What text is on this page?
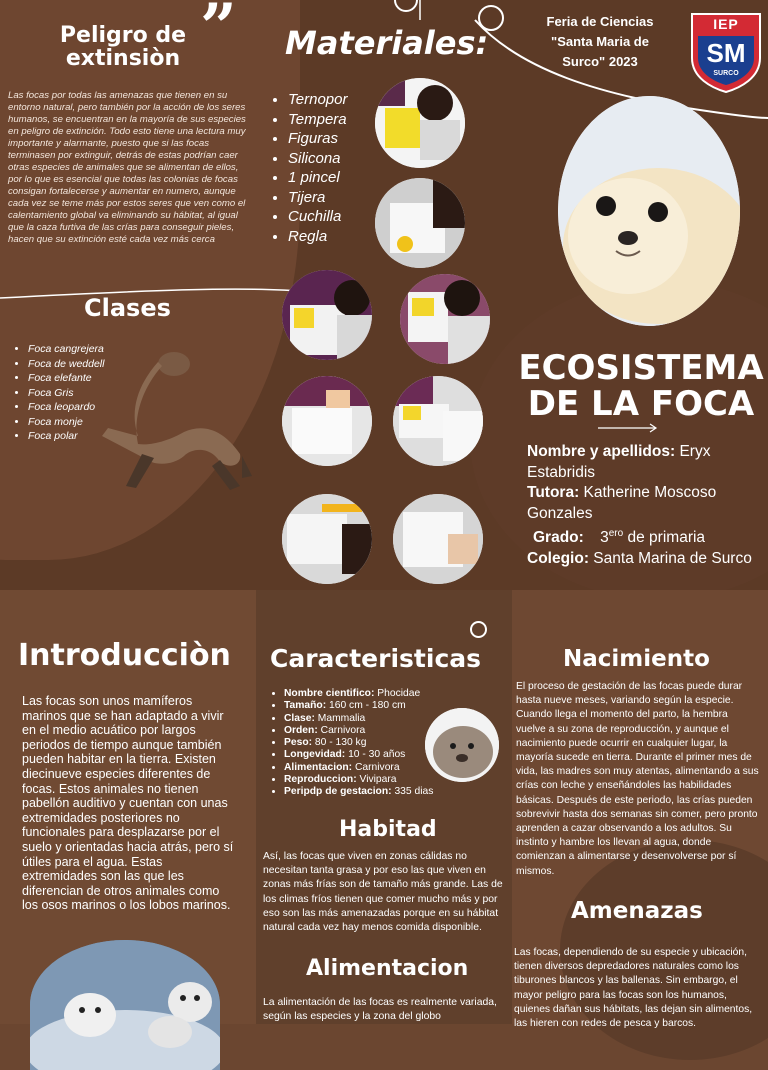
Peligro de extinsiòn ”

Las focas por todas las amenazas que tienen en su entorno natural, pero también por la acción de los seres humanos, se encuentran en la mayoría de sus especies en peligro de extinción. Todo esto tiene una lectura muy importante y alarmante, puesto que si las focas terminasen por extinguir, detrás de estas podrían caer otras especies de animales que se alimentan de ellos, por lo que es esencial que todas las colonias de focas consigan fortalecerse y aumentar en numero, aunque cada vez se teme más por estos seres que ven como el calentamiento global va eliminando su hábitat, al igual que la caza furtiva de las crías para conseguir pieles, hacen que su extinción esté cada vez más cerca

Materiales:
• Ternopor
• Tempera
• Figuras
• Silicona
• 1 pincel
• Tijera
• Cuchilla
• Regla
Feria de Ciencias
"Santa Maria de
Surco" 2023
IEP
SM
SURCO
Clases
• Foca cangrejera
• Foca de weddell
• Foca elefante
• Foca Gris
• Foca leopardo
• Foca monje
• Foca polar
ECOSISTEMA
DE LA FOCA
Nombre y apellidos: Eryx Estabridis
Tutora: Katherine Moscoso Gonzales
Grado: $3^{ero}$ de primaria
Colegio: Santa Marina de Surco
Introducciòn

Las focas son unos mamíferos marinos que se han adaptado a vivir en el medio acuático por largos periodos de tiempo aunque también pueden habitar en la tierra. Existen diecinueve especies diferentes de focas. Estos animales no tienen pabellón auditivo y cuentan con unas extremidades posteriores no funcionales para desplazarse por el suelo y orientadas hacia atrás, pero sí útiles para el agua. Estas extremidades son las que les diferencian de otros animales como los osos marinos o los lobos marinos.

Caracteristicas
• Nombre cientifico: Phocidae
• Tamaño: 160 cm - 180 cm
• Clase: Mammalia
• Orden: Carnivora
• Peso: 80 - 130 kg
• Longevidad: 10 - 30 años
• Alimentacion: Carnivora
• Reproduccion: Vivipara
• Peripdp de gestacion: 335 dias
Habitad

Así, las focas que viven en zonas cálidas no necesitan tanta grasa y por eso las que viven en zonas más frías son de tamaño más grande. Las de los climas fríos tienen que comer mucho más y por eso son las más amenazadas porque en su hábitat natural cada vez hay menos comida disponible.

Alimentacion

La alimentación de las focas es realmente variada, según las especies y la zona del globo

Nacimiento

El proceso de gestación de las focas puede durar hasta nueve meses, variando según la especie. Cuando llega el momento del parto, la hembra vuelve a su zona de reproducción, y aunque el nacimiento puede ocurrir en cualquier lugar, la mayoría sucede en tierra. Durante el primer mes de vida, las madres son muy atentas, alimentando a sus crías con leche y enseñándoles las habilidades básicas. Después de este periodo, las crías pueden sobrevivir hasta dos semanas sin comer, pero pronto aprenden a cazar observando a los adultos. Su instinto y hambre los llevan al agua, donde comienzan a alimentarse y desenvolverse por sí mismos.

Amenazas

Las focas, dependiendo de su especie y ubicación, tienen diversos depredadores naturales como los tiburones blancos y las ballenas. Sin embargo, el mayor peligro para las focas son los humanos, quienes dañan sus hábitats, las dejan sin alimentos, las hieren con redes de pesca y barcos.
